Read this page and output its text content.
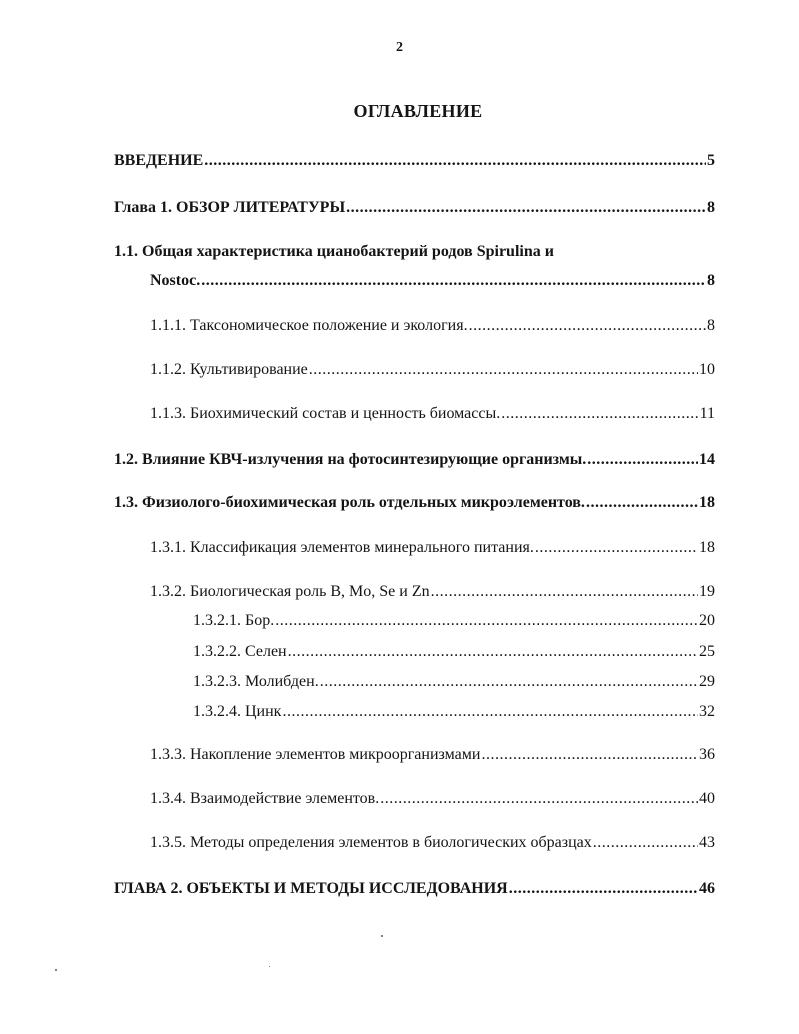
2
ОГЛАВЛЕНИЕ
ВВЕДЕНИЕ .....	5
Глава 1. ОБЗОР ЛИТЕРАТУРЫ .....	8
1.1. Общая характеристика цианобактерий родов Spirulina и
Nostoc. .....	8
1.1.1. Таксономическое положение и экология. .....	8
1.1.2. Культивирование .....	10
1.1.3. Биохимический состав и ценность биомассы. .....	11
1.2. Влияние КВЧ-излучения на фотосинтезирующие организмы. .....	14
1.3. Физиолого-биохимическая роль отдельных микроэлементов. .....	18
1.3.1. Классификация элементов минерального питания. .....	18
1.3.2. Биологическая роль В, Mo, Se и Zn .....	19
1.3.2.1. Бор. .....	20
1.3.2.2. Селен .....	25
1.3.2.3. Молибден. .....	29
1.3.2.4. Цинк .....	32
1.3.3. Накопление элементов микроорганизмами .....	36
1.3.4. Взаимодействие элементов. .....	40
1.3.5. Методы определения элементов в биологических образцах .....	43
ГЛАВА 2. ОБЪЕКТЫ И МЕТОДЫ ИССЛЕДОВАНИЯ .....	46
